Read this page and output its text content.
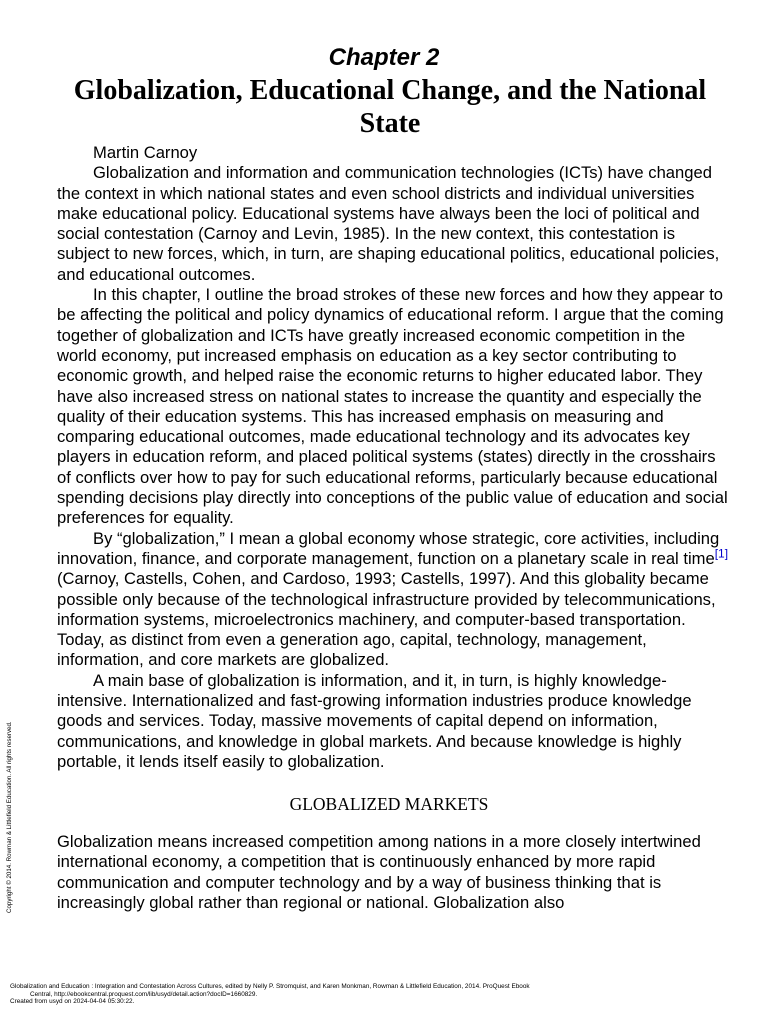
Chapter 2
Globalization, Educational Change, and the National State

Martin Carnoy

Globalization and information and communication technologies (ICTs) have changed the context in which national states and even school districts and individual universities make educational policy. Educational systems have always been the loci of political and social contestation (Carnoy and Levin, 1985). In the new context, this contestation is subject to new forces, which, in turn, are shaping educational politics, educational policies, and educational outcomes.

In this chapter, I outline the broad strokes of these new forces and how they appear to be affecting the political and policy dynamics of educational reform. I argue that the coming together of globalization and ICTs have greatly increased economic competition in the world economy, put increased emphasis on education as a key sector contributing to economic growth, and helped raise the economic returns to higher educated labor. They have also increased stress on national states to increase the quantity and especially the quality of their education systems. This has increased emphasis on measuring and comparing educational outcomes, made educational technology and its advocates key players in education reform, and placed political systems (states) directly in the crosshairs of conflicts over how to pay for such educational reforms, particularly because educational spending decisions play directly into conceptions of the public value of education and social preferences for equality.

By “globalization,” I mean a global economy whose strategic, core activities, including innovation, finance, and corporate management, function on a planetary scale in real time[1] (Carnoy, Castells, Cohen, and Cardoso, 1993; Castells, 1997). And this globality became possible only because of the technological infrastructure provided by telecommunications, information systems, microelectronics machinery, and computer-based transportation. Today, as distinct from even a generation ago, capital, technology, management, information, and core markets are globalized.

A main base of globalization is information, and it, in turn, is highly knowledge-intensive. Internationalized and fast-growing information industries produce knowledge goods and services. Today, massive movements of capital depend on information, communications, and knowledge in global markets. And because knowledge is highly portable, it lends itself easily to globalization.

GLOBALIZED MARKETS

Globalization means increased competition among nations in a more closely intertwined international economy, a competition that is continuously enhanced by more rapid communication and computer technology and by a way of business thinking that is increasingly global rather than regional or national. Globalization also

Copyright © 2014. Rowman & Littlefield Education. All rights reserved.
Globalization and Education : Integration and Contestation Across Cultures, edited by Nelly P. Stromquist, and Karen Monkman, Rowman & Littlefield Education, 2014. ProQuest Ebook
Central, http://ebookcentral.proquest.com/lib/usyd/detail.action?docID=1660829.
Created from usyd on 2024-04-04 05:30:22.
